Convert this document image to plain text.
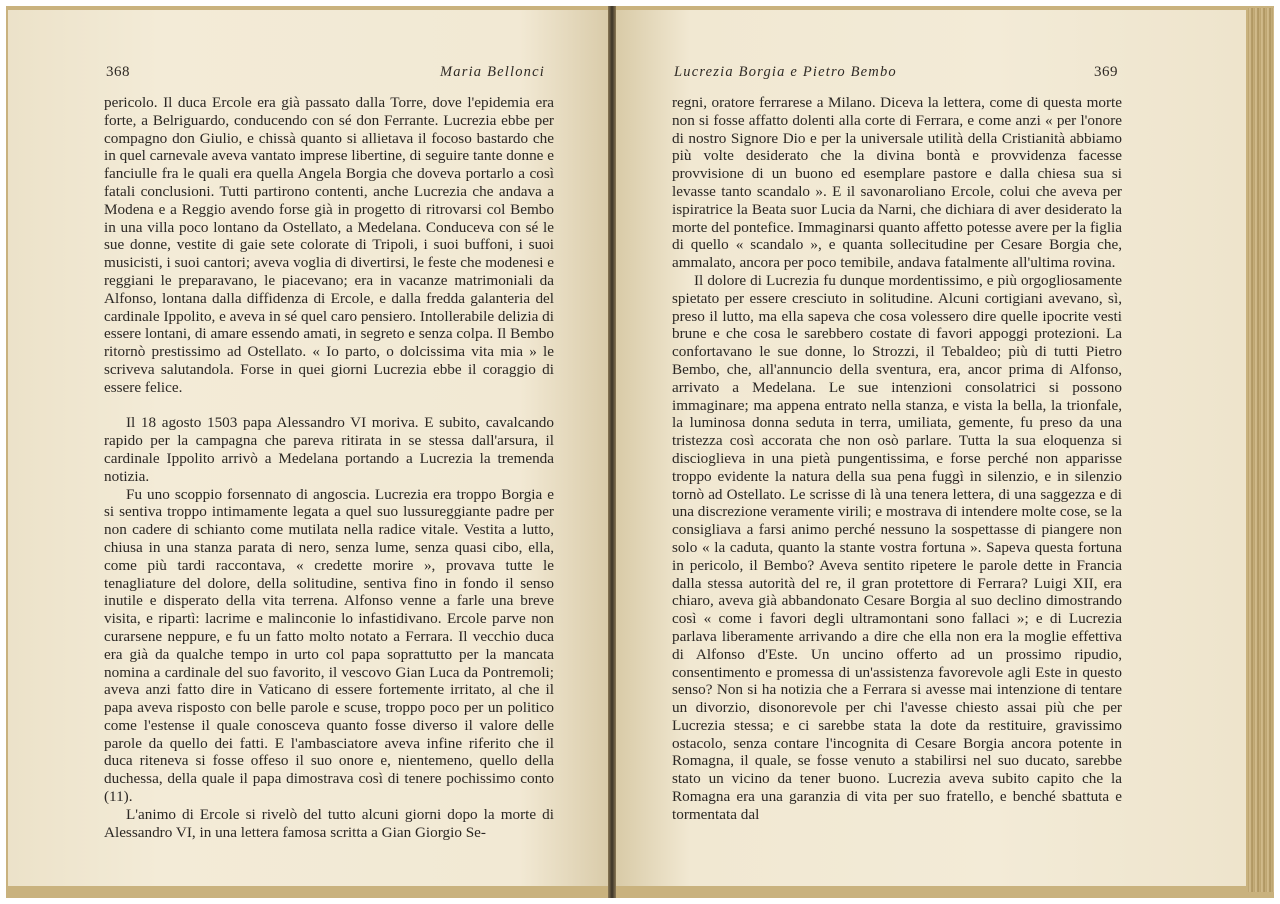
368	Maria Bellonci

pericolo. Il duca Ercole era già passato dalla Torre, dove l'epidemia era forte, a Belriguardo, conducendo con sé don Ferrante. Lucrezia ebbe per compagno don Giulio, e chissà quanto si allietava il focoso bastardo che in quel carnevale aveva vantato imprese libertine, di seguire tante donne e fanciulle fra le quali era quella Angela Borgia che doveva portarlo a così fatali conclusioni. Tutti partirono contenti, anche Lucrezia che andava a Modena e a Reggio avendo forse già in progetto di ritrovarsi col Bembo in una villa poco lontano da Ostellato, a Medelana. Conduceva con sé le sue donne, vestite di gaie sete colorate di Tripoli, i suoi buffoni, i suoi musicisti, i suoi cantori; aveva voglia di divertirsi, le feste che modenesi e reggiani le preparavano, le piacevano; era in vacanze matrimoniali da Alfonso, lontana dalla diffidenza di Ercole, e dalla fredda galanteria del cardinale Ippolito, e aveva in sé quel caro pensiero. Intollerabile delizia di essere lontani, di amare essendo amati, in segreto e senza colpa. Il Bembo ritornò prestissimo ad Ostellato. « Io parto, o dolcissima vita mia » le scriveva salutandola. Forse in quei giorni Lucrezia ebbe il coraggio di essere felice.

Il 18 agosto 1503 papa Alessandro VI moriva. E subito, cavalcando rapido per la campagna che pareva ritirata in se stessa dall'arsura, il cardinale Ippolito arrivò a Medelana portando a Lucrezia la tremenda notizia.

Fu uno scoppio forsennato di angoscia. Lucrezia era troppo Borgia e si sentiva troppo intimamente legata a quel suo lussureggiante padre per non cadere di schianto come mutilata nella radice vitale. Vestita a lutto, chiusa in una stanza parata di nero, senza lume, senza quasi cibo, ella, come più tardi raccontava, « credette morire », provava tutte le tenagliature del dolore, della solitudine, sentiva fino in fondo il senso inutile e disperato della vita terrena. Alfonso venne a farle una breve visita, e ripartì: lacrime e malinconie lo infastidivano. Ercole parve non curarsene neppure, e fu un fatto molto notato a Ferrara. Il vecchio duca era già da qualche tempo in urto col papa soprattutto per la mancata nomina a cardinale del suo favorito, il vescovo Gian Luca da Pontremoli; aveva anzi fatto dire in Vaticano di essere fortemente irritato, al che il papa aveva risposto con belle parole e scuse, troppo poco per un politico come l'estense il quale conosceva quanto fosse diverso il valore delle parole da quello dei fatti. E l'ambasciatore aveva infine riferito che il duca riteneva si fosse offeso il suo onore e, nientemeno, quello della duchessa, della quale il papa dimostrava così di tenere pochissimo conto (11).

L'animo di Ercole si rivelò del tutto alcuni giorni dopo la morte di Alessandro VI, in una lettera famosa scritta a Gian Giorgio Se-

Lucrezia Borgia e Pietro Bembo	369

regni, oratore ferrarese a Milano. Diceva la lettera, come di questa morte non si fosse affatto dolenti alla corte di Ferrara, e come anzi « per l'onore di nostro Signore Dio e per la universale utilità della Cristianità abbiamo più volte desiderato che la divina bontà e provvidenza facesse provvisione di un buono ed esemplare pastore e dalla chiesa sua si levasse tanto scandalo ». E il savonaroliano Ercole, colui che aveva per ispiratrice la Beata suor Lucia da Narni, che dichiara di aver desiderato la morte del pontefice. Immaginarsi quanto affetto potesse avere per la figlia di quello « scandalo », e quanta sollecitudine per Cesare Borgia che, ammalato, ancora per poco temibile, andava fatalmente all'ultima rovina.

Il dolore di Lucrezia fu dunque mordentissimo, e più orgogliosamente spietato per essere cresciuto in solitudine. Alcuni cortigiani avevano, sì, preso il lutto, ma ella sapeva che cosa volessero dire quelle ipocrite vesti brune e che cosa le sarebbero costate di favori appoggi protezioni. La confortavano le sue donne, lo Strozzi, il Tebaldeo; più di tutti Pietro Bembo, che, all'annuncio della sventura, era, ancor prima di Alfonso, arrivato a Medelana. Le sue intenzioni consolatrici si possono immaginare; ma appena entrato nella stanza, e vista la bella, la trionfale, la luminosa donna seduta in terra, umiliata, gemente, fu preso da una tristezza così accorata che non osò parlare. Tutta la sua eloquenza si discioglieva in una pietà pungentissima, e forse perché non apparisse troppo evidente la natura della sua pena fuggì in silenzio, e in silenzio tornò ad Ostellato. Le scrisse di là una tenera lettera, di una saggezza e di una discrezione veramente virili; e mostrava di intendere molte cose, se la consigliava a farsi animo perché nessuno la sospettasse di piangere non solo « la caduta, quanto la stante vostra fortuna ». Sapeva questa fortuna in pericolo, il Bembo? Aveva sentito ripetere le parole dette in Francia dalla stessa autorità del re, il gran protettore di Ferrara? Luigi XII, era chiaro, aveva già abbandonato Cesare Borgia al suo declino dimostrando così « come i favori degli ultramontani sono fallaci »; e di Lucrezia parlava liberamente arrivando a dire che ella non era la moglie effettiva di Alfonso d'Este. Un uncino offerto ad un prossimo ripudio, consentimento e promessa di un'assistenza favorevole agli Este in questo senso? Non si ha notizia che a Ferrara si avesse mai intenzione di tentare un divorzio, disonorevole per chi l'avesse chiesto assai più che per Lucrezia stessa; e ci sarebbe stata la dote da restituire, gravissimo ostacolo, senza contare l'incognita di Cesare Borgia ancora potente in Romagna, il quale, se fosse venuto a stabilirsi nel suo ducato, sarebbe stato un vicino da tener buono. Lucrezia aveva subito capito che la Romagna era una garanzia di vita per suo fratello, e benché sbattuta e tormentata dal
